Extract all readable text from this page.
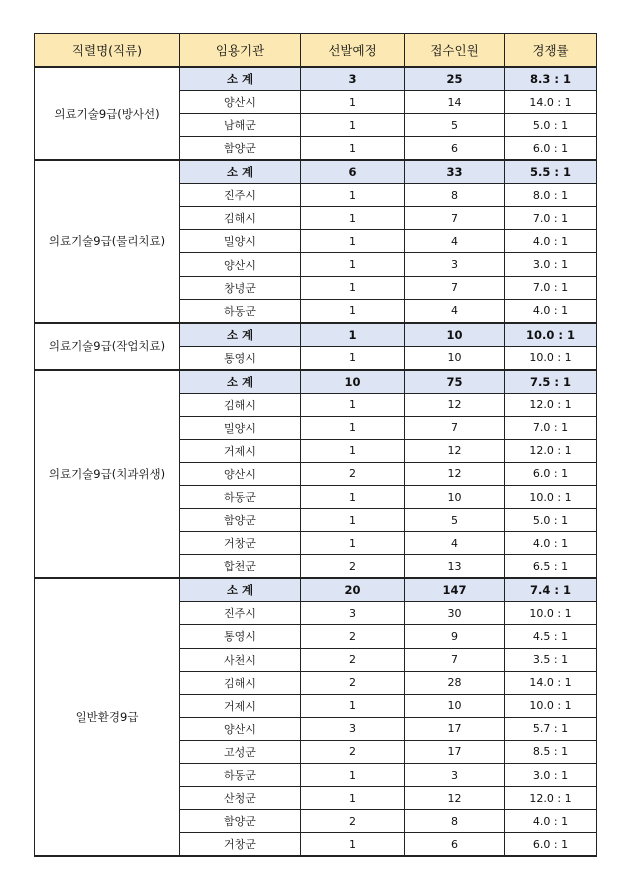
직렬명(직류)	임용기관	선발예정	접수인원	경쟁률
의료기술9급(방사선)	소 계	3	25	8.3 : 1
	양산시	1	14	14.0 : 1
	남해군	1	5	5.0 : 1
	함양군	1	6	6.0 : 1
의료기술9급(물리치료)	소 계	6	33	5.5 : 1
	진주시	1	8	8.0 : 1
	김해시	1	7	7.0 : 1
	밀양시	1	4	4.0 : 1
	양산시	1	3	3.0 : 1
	창녕군	1	7	7.0 : 1
	하동군	1	4	4.0 : 1
의료기술9급(작업치료)	소 계	1	10	10.0 : 1
	통영시	1	10	10.0 : 1
의료기술9급(치과위생)	소 계	10	75	7.5 : 1
	김해시	1	12	12.0 : 1
	밀양시	1	7	7.0 : 1
	거제시	1	12	12.0 : 1
	양산시	2	12	6.0 : 1
	하동군	1	10	10.0 : 1
	함양군	1	5	5.0 : 1
	거창군	1	4	4.0 : 1
	합천군	2	13	6.5 : 1
일반환경9급	소 계	20	147	7.4 : 1
	진주시	3	30	10.0 : 1
	통영시	2	9	4.5 : 1
	사천시	2	7	3.5 : 1
	김해시	2	28	14.0 : 1
	거제시	1	10	10.0 : 1
	양산시	3	17	5.7 : 1
	고성군	2	17	8.5 : 1
	하동군	1	3	3.0 : 1
	산청군	1	12	12.0 : 1
	함양군	2	8	4.0 : 1
	거창군	1	6	6.0 : 1
